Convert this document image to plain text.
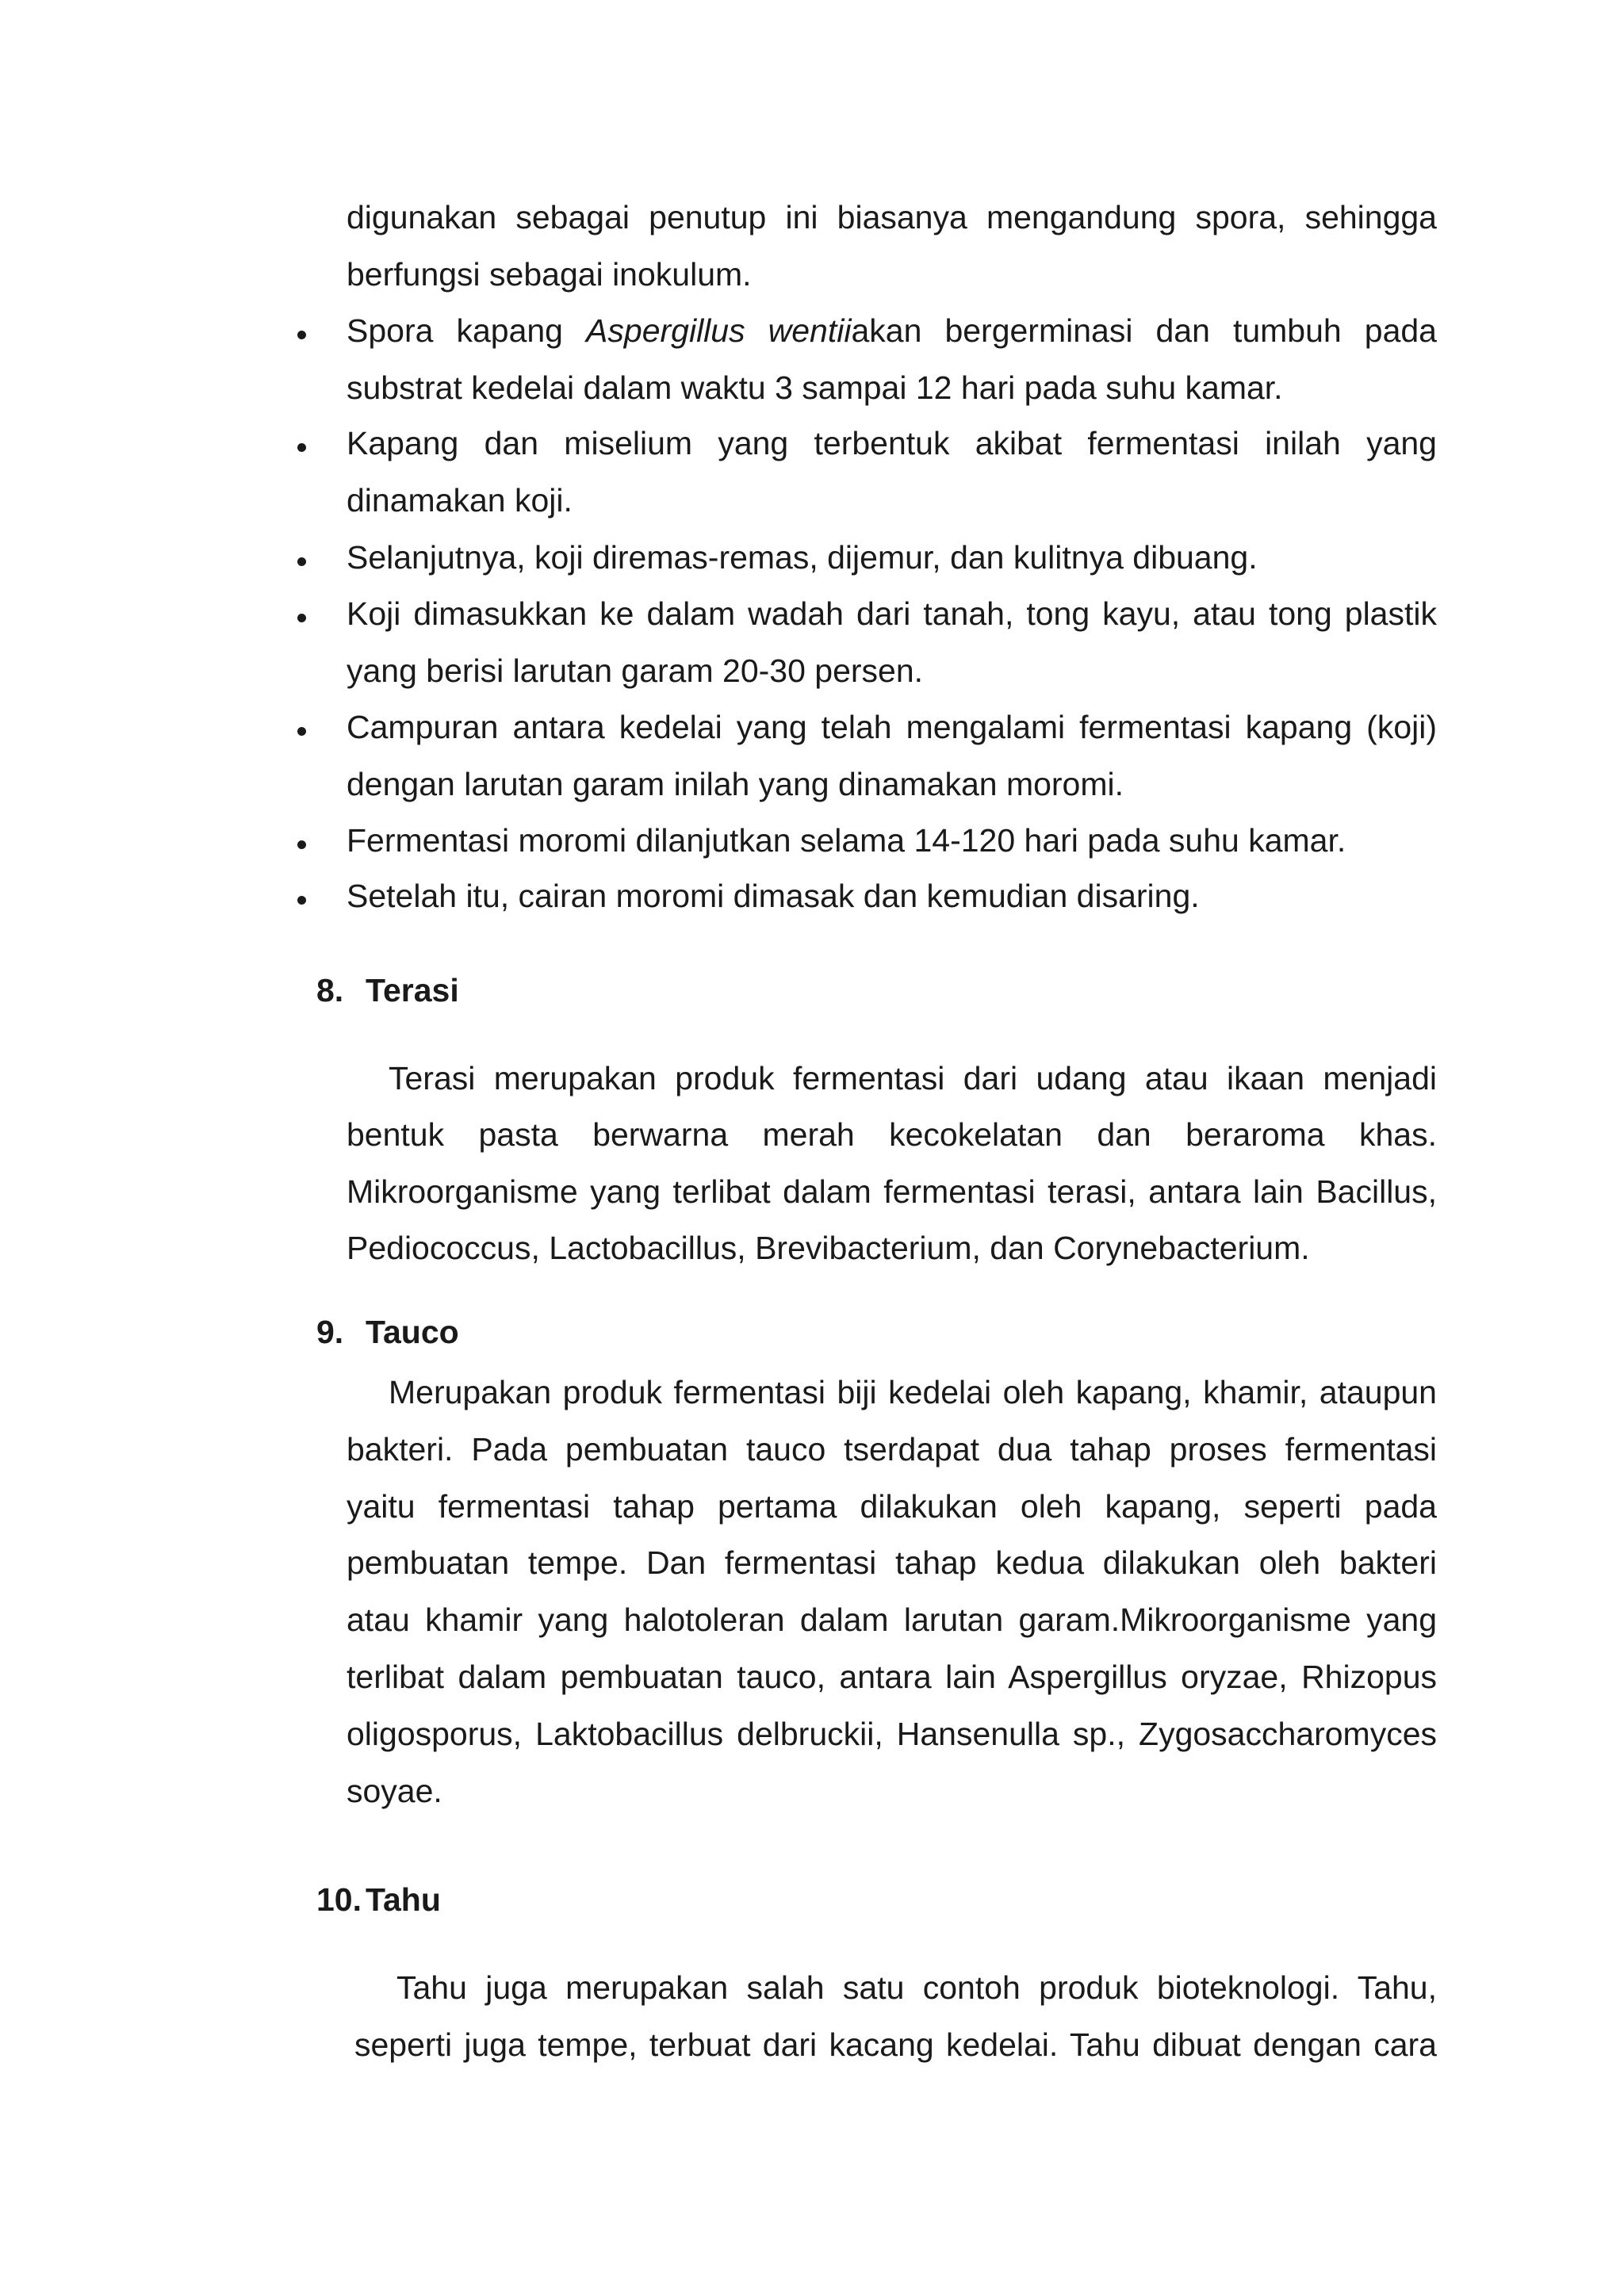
digunakan sebagai penutup ini biasanya mengandung spora, sehingga
berfungsi sebagai inokulum.
Spora kapang Aspergillus wentiiakan bergerminasi dan tumbuh pada
substrat kedelai dalam waktu 3 sampai 12 hari pada suhu kamar.
Kapang dan miselium yang terbentuk akibat fermentasi inilah yang
dinamakan koji.
Selanjutnya, koji diremas-remas, dijemur, dan kulitnya dibuang.
Koji dimasukkan ke dalam wadah dari tanah, tong kayu, atau tong plastik
yang berisi larutan garam 20-30 persen.
Campuran antara kedelai yang telah mengalami fermentasi kapang (koji)
dengan larutan garam inilah yang dinamakan moromi.
Fermentasi moromi dilanjutkan selama 14-120 hari pada suhu kamar.
Setelah itu, cairan moromi dimasak dan kemudian disaring.
8. Terasi
Terasi merupakan produk fermentasi dari udang atau ikaan menjadi
bentuk pasta berwarna merah kecokelatan dan beraroma khas.
Mikroorganisme yang terlibat dalam fermentasi terasi, antara lain Bacillus,
Pediococcus, Lactobacillus, Brevibacterium, dan Corynebacterium.
9. Tauco
Merupakan produk fermentasi biji kedelai oleh kapang, khamir, ataupun
bakteri. Pada pembuatan tauco tserdapat dua tahap proses fermentasi
yaitu fermentasi tahap pertama dilakukan oleh kapang, seperti pada
pembuatan tempe. Dan fermentasi tahap kedua dilakukan oleh bakteri
atau khamir yang halotoleran dalam larutan garam.Mikroorganisme yang
terlibat dalam pembuatan tauco, antara lain Aspergillus oryzae, Rhizopus
oligosporus, Laktobacillus delbruckii, Hansenulla sp., Zygosaccharomyces
soyae.
10. Tahu
Tahu juga merupakan salah satu contoh produk bioteknologi. Tahu,
seperti juga tempe, terbuat dari kacang kedelai. Tahu dibuat dengan cara
